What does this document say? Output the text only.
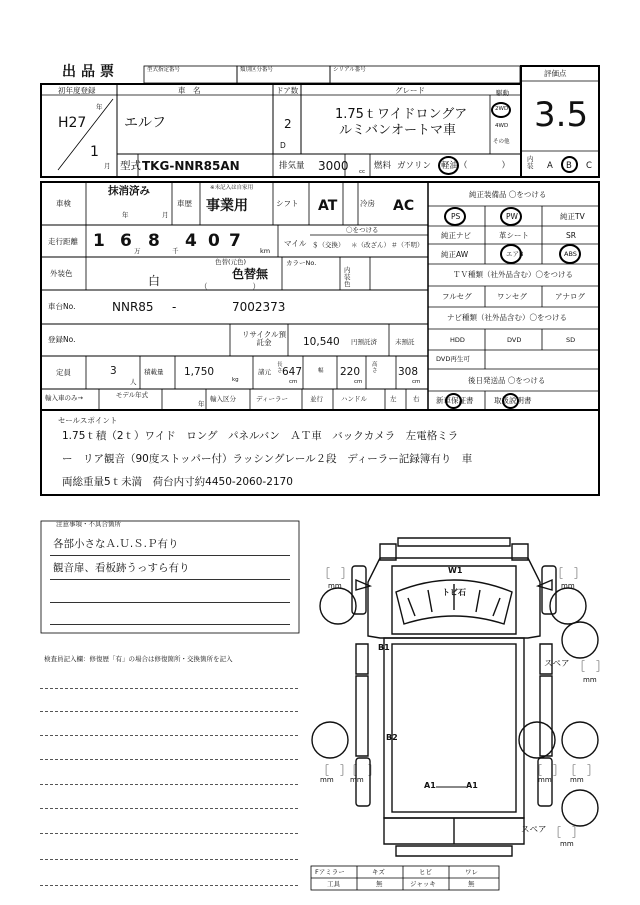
出品票	型式指定番号	類別区分番号	シリアル番号	評価点
初年度登録
年
H27
1
月
車　名
エルフ
ドア数
2
D
グレード
1.75ｔワイドロングア
ルミバンオートマ車
駆動
2WD
4WD
その他
型式 TKG-NNR85AN	排気量 3000 cc
燃料 ガソリン 軽油 （　　　　）
3.5
内装 A B C
車検
抹消済み
年	月
車歴
※未記入は自家用
事業用	シフト AT	冷房 AC
走行距離 1 6 8 4 0 7
万	千	km
マイル
〇をつける
＄（交換） ＊（改ざん） ＃（不明）
外装色
白
色替(元色)
色替無
（　　　　　　）
カラーNo.
内装色
車台No.	NNR85 -	7002373
登録No.
リサイクル預託金	10,540 円預託済	未預託
定員	3
人
積載量 1,750
kg
諸元
長さ 647
cm
幅 220
cm
高さ 308
cm
輸入車のみ→	モデル年式
年
輸入区分	ディーラー	並行	ハンドル	左	右
純正装備品 〇をつける
PS	PW	純正TV
純正ナビ	革シート	SR
純正AW	エアB	ABS
ＴＶ種類（社外品含む）〇をつける
フルセグ	ワンセグ	アナログ
ナビ種類（社外品含む）〇をつける
HDD	DVD	SD
DVD再生可
後日発送品 〇をつける
新車保証書	取扱説明書
セールスポイント
1.75ｔ積（2ｔ）ワイド　ロング　パネルバン　ＡＴ車　バックカメラ　左電格ミラ
ー　リア観音（90度ストッパー付）ラッシングレール２段　ディーラー記録簿有り　車
両総重量5ｔ未満　荷台内寸約4450-2060-2170
注意事項・不具合箇所
各部小さなＡ.Ｕ.Ｓ.Ｐ有り
観音扉、看板跡うっすら有り
検査員記入欄：修復歴「有」の場合は修復箇所・交換箇所を記入
W1
トビ石
B1
B2
A1	A1
［　］
mm
［　］
mm
スペア ［　］
mm
［　］
mm
［　］
mm
［　］
mm
［　］
mm
スペア ［　］
mm
Fアミラー	キズ	ヒビ	ワレ
工具	無	ジャッキ	無
